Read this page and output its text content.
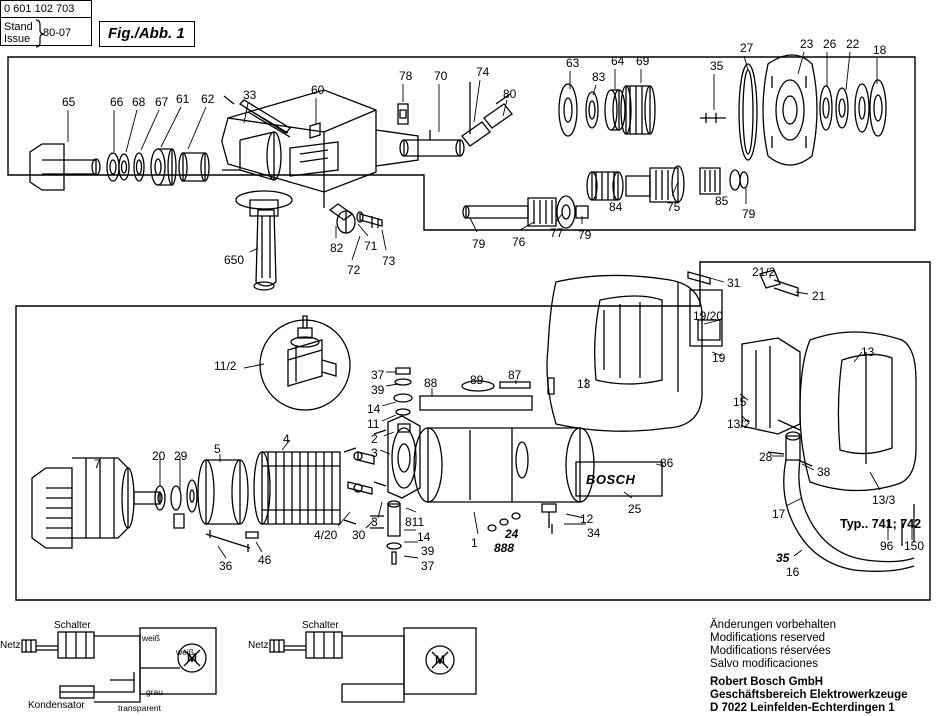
0 601 102 703
Stand
Issue 80-07	Fig./Abb. 1
65	66 68 67 61 62 33	60
78 70 74
80
63
83
64 69	35
27	23 26 22 18
84	75	85
79
79 76
77 79
82 71
73
72
650
11/2
37
39
14
11
2
3
88	89 87
13
31
21/2
21
19/20
19	13
15
13/2
28
38
13/3
17
86
25
12
34
24
888
1
811
14
39
37
30
3
4/20
4
5
20 29
7
36 46
96 150
35
16
BOSCH
Typ.. 741; 742
Schalter
Netz
weiß
weiß
grau
transparent
Kondensator
M
Schalter
Netz
M
Änderungen vorbehalten
Modifications reserved
Modifications réservées
Salvo modificaciones
Robert Bosch GmbH
Geschäftsbereich Elektrowerkzeuge
D 7022 Leinfelden-Echterdingen 1
